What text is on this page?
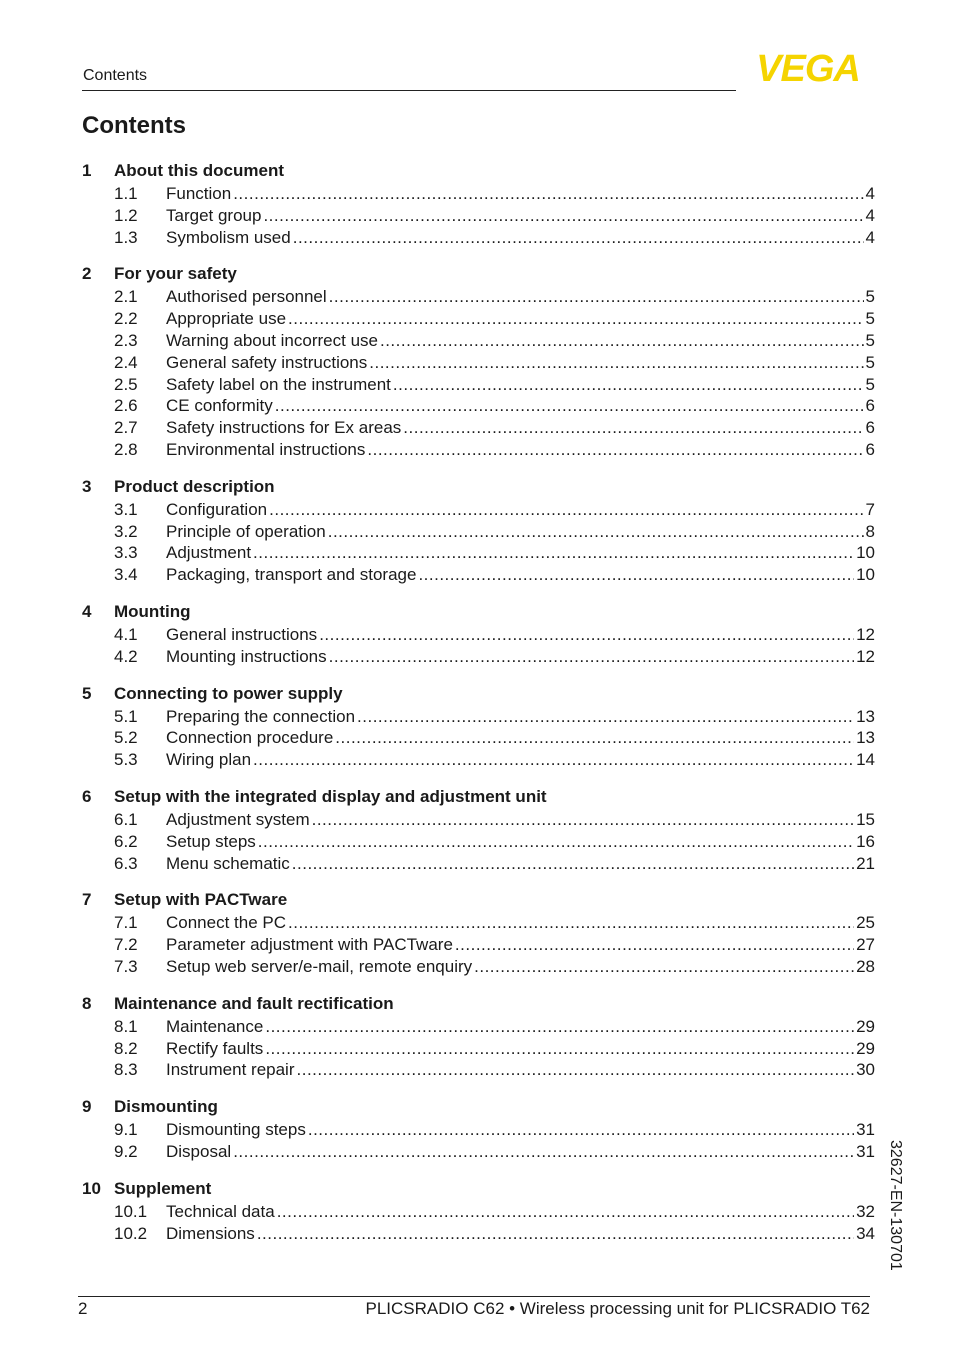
Contents	VEGA
Contents
1	About this document
1.1	Function .....	4
1.2	Target group .....	4
1.3	Symbolism used .....	4
2	For your safety
2.1	Authorised personnel .....	5
2.2	Appropriate use .....	5
2.3	Warning about incorrect use .....	5
2.4	General safety instructions .....	5
2.5	Safety label on the instrument .....	5
2.6	CE conformity .....	6
2.7	Safety instructions for Ex areas .....	6
2.8	Environmental instructions .....	6
3	Product description
3.1	Configuration .....	7
3.2	Principle of operation .....	8
3.3	Adjustment .....	10
3.4	Packaging, transport and storage .....	10
4	Mounting
4.1	General instructions .....	12
4.2	Mounting instructions .....	12
5	Connecting to power supply
5.1	Preparing the connection .....	13
5.2	Connection procedure .....	13
5.3	Wiring plan .....	14
6	Setup with the integrated display and adjustment unit
6.1	Adjustment system .....	15
6.2	Setup steps .....	16
6.3	Menu schematic .....	21
7	Setup with PACTware
7.1	Connect the PC .....	25
7.2	Parameter adjustment with PACTware .....	27
7.3	Setup web server/e-mail, remote enquiry .....	28
8	Maintenance and fault rectification
8.1	Maintenance .....	29
8.2	Rectify faults .....	29
8.3	Instrument repair .....	30
9	Dismounting
9.1	Dismounting steps .....	31
9.2	Disposal .....	31
10 Supplement
10.1	Technical data .....	32
10.2	Dimensions .....	34 32627-EN-130701
2	PLICSRADIO C62 • Wireless processing unit for PLICSRADIO T62
